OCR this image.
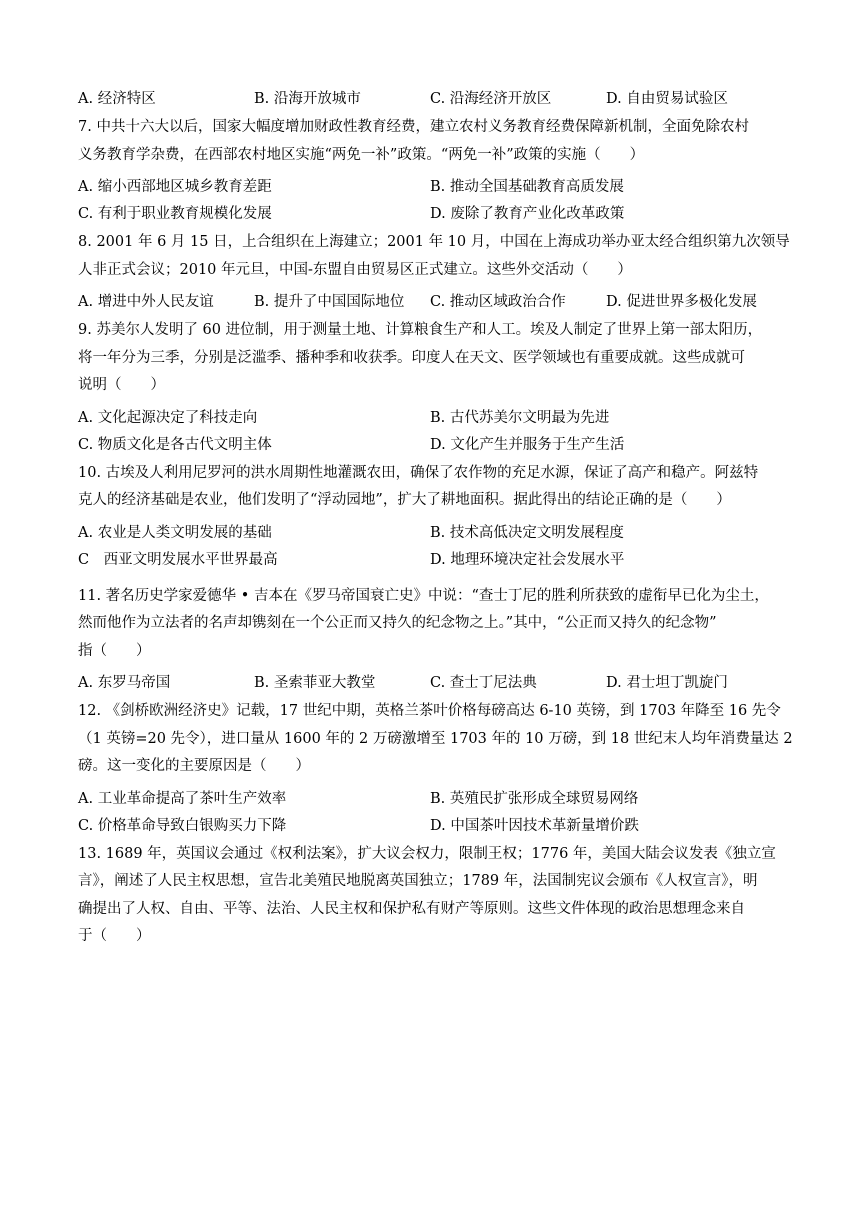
A. 经济特区	B. 沿海开放城市	C. 沿海经济开放区	D. 自由贸易试验区
7. 中共十六大以后，国家大幅度增加财政性教育经费，建立农村义务教育经费保障新机制，全面免除农村
义务教育学杂费，在西部农村地区实施“两免一补”政策。“两免一补”政策的实施（　　）
A. 缩小西部地区城乡教育差距	B. 推动全国基础教育高质发展
C. 有利于职业教育规模化发展	D. 废除了教育产业化改革政策
8. 2001 年 6 月 15 日，上合组织在上海建立；2001 年 10 月，中国在上海成功举办亚太经合组织第九次领导
人非正式会议；2010 年元旦，中国-东盟自由贸易区正式建立。这些外交活动（　　）
A. 增进中外人民友谊	B. 提升了中国国际地位	C. 推动区域政治合作	D. 促进世界多极化发展
9. 苏美尔人发明了 60 进位制，用于测量土地、计算粮食生产和人工。埃及人制定了世界上第一部太阳历，
将一年分为三季，分别是泛滥季、播种季和收获季。印度人在天文、医学领域也有重要成就。这些成就可
说明（　　）
A. 文化起源决定了科技走向	B. 古代苏美尔文明最为先进
C. 物质文化是各古代文明主体	D. 文化产生并服务于生产生活
10. 古埃及人利用尼罗河的洪水周期性地灌溉农田，确保了农作物的充足水源，保证了高产和稳产。阿兹特
克人的经济基础是农业，他们发明了“浮动园地”，扩大了耕地面积。据此得出的结论正确的是（　　）
A. 农业是人类文明发展的基础	B. 技术高低决定文明发展程度
C　西亚文明发展水平世界最高	D. 地理环境决定社会发展水平
11. 著名历史学家爱德华 • 吉本在《罗马帝国衰亡史》中说：“查士丁尼的胜利所获致的虚衔早已化为尘土，
然而他作为立法者的名声却镌刻在一个公正而又持久的纪念物之上。”其中，“公正而又持久的纪念物”
指（　　）
A. 东罗马帝国	B. 圣索菲亚大教堂	C. 查士丁尼法典	D. 君士坦丁凯旋门
12. 《剑桥欧洲经济史》记载，17 世纪中期，英格兰茶叶价格每磅高达 6-10 英镑，到 1703 年降至 16 先令
（1 英镑=20 先令），进口量从 1600 年的 2 万磅激增至 1703 年的 10 万磅，到 18 世纪末人均年消费量达 2
磅。这一变化的主要原因是（　　）
A. 工业革命提高了茶叶生产效率	B. 英殖民扩张形成全球贸易网络
C. 价格革命导致白银购买力下降	D. 中国茶叶因技术革新量增价跌
13. 1689 年，英国议会通过《权利法案》，扩大议会权力，限制王权；1776 年，美国大陆会议发表《独立宣
言》，阐述了人民主权思想，宣告北美殖民地脱离英国独立；1789 年，法国制宪议会颁布《人权宣言》，明
确提出了人权、自由、平等、法治、人民主权和保护私有财产等原则。这些文件体现的政治思想理念来自
于（　　）
